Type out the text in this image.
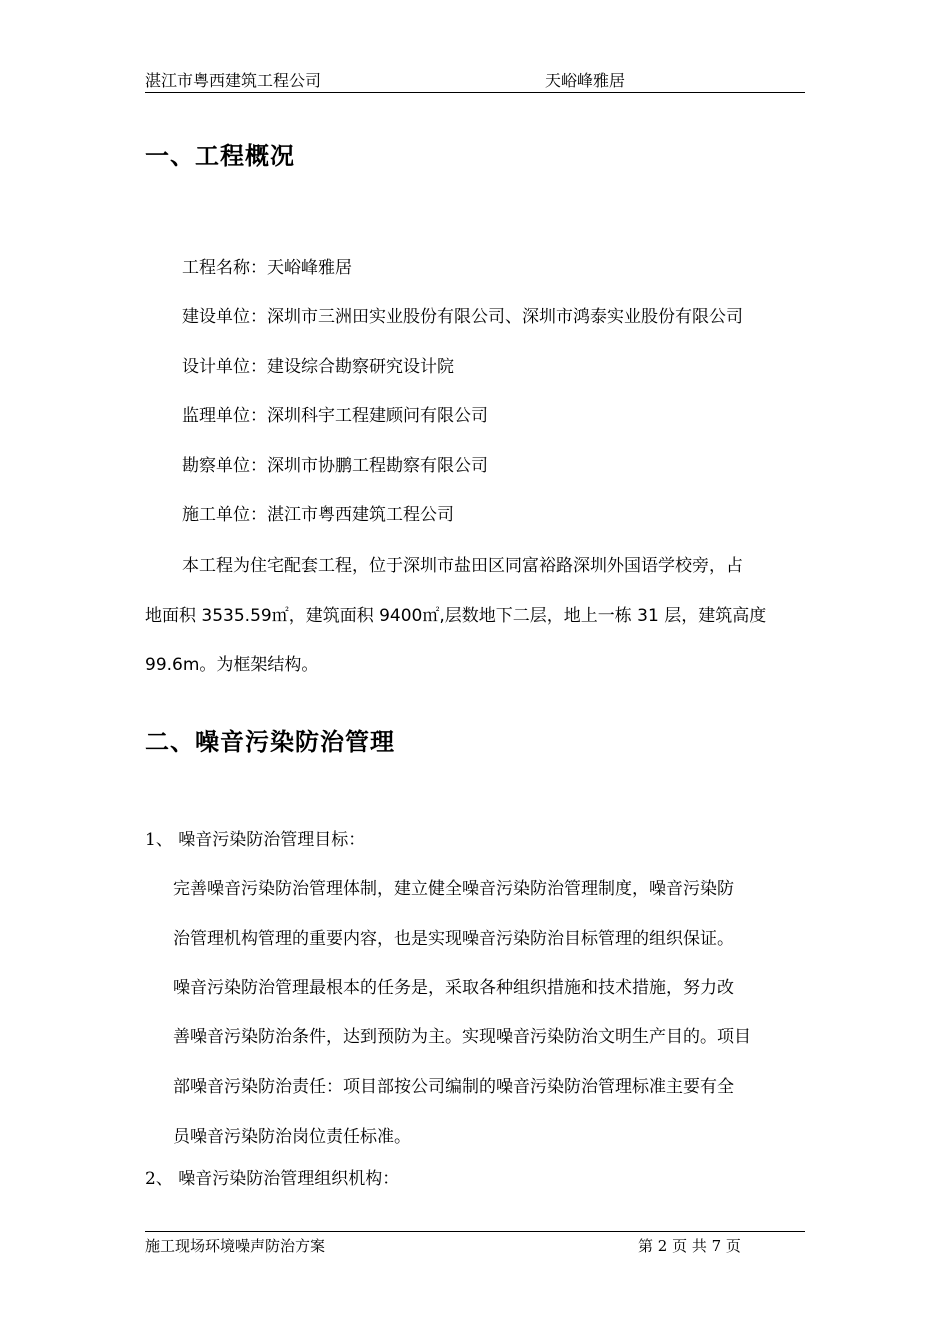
湛江市粤西建筑工程公司	天峪峰雅居
一、工程概况
工程名称：天峪峰雅居
建设单位：深圳市三洲田实业股份有限公司、深圳市鸿泰实业股份有限公司
设计单位：建设综合勘察研究设计院
监理单位：深圳科宇工程建顾问有限公司
勘察单位：深圳市协鹏工程勘察有限公司
施工单位：湛江市粤西建筑工程公司
本工程为住宅配套工程，位于深圳市盐田区同富裕路深圳外国语学校旁，占
地面积 3535.59㎡，建筑面积 9400㎡,层数地下二层，地上一栋 31 层，建筑高度
99.6m。为框架结构。
二、噪音污染防治管理
1、 噪音污染防治管理目标：
完善噪音污染防治管理体制，建立健全噪音污染防治管理制度，噪音污染防
治管理机构管理的重要内容，也是实现噪音污染防治目标管理的组织保证。
噪音污染防治管理最根本的任务是，采取各种组织措施和技术措施，努力改
善噪音污染防治条件，达到预防为主。实现噪音污染防治文明生产目的。项目
部噪音污染防治责任：项目部按公司编制的噪音污染防治管理标准主要有全
员噪音污染防治岗位责任标准。
2、 噪音污染防治管理组织机构：
施工现场环境噪声防治方案	第 2 页 共 7 页
